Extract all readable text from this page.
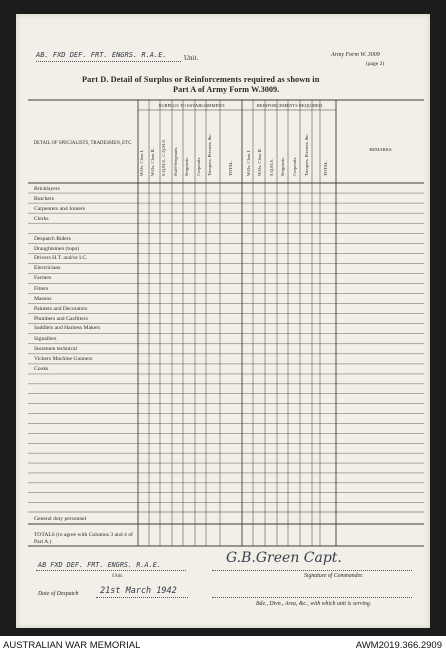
AB. FXD DEF. FRT. ENGRS. R.A.E. Unit.	Army Form W. 3009
(page 2)
Part D. Detail of Surplus or Reinforcements required as shown in
Part A of Army Form W.3009.
DETAIL OF SPECIALISTS, TRADESMEN, ETC.
SURPLUS TO ESTABLISHMENT.	REINFORCEMENTS REQUIRED.
REMARKS.
W.Os. Class I. W.Os. Class II. S.Q.M.S., C.Q.M.S. Staff-Sergeants. Sergeants. Corporals. Troopers, Privates, &c.	TOTAL.	W.Os. Class I. W.Os. Class II. S.Q.M.S. Sergeants. Corporals. Troopers, Privates, &c.	TOTAL.
Bricklayers
Butchers
Carpenters and Joiners
Clerks
Despatch Riders
Draughtsmen (topo)
Drivers H.T. and/or I.C.
Electricians
Farriers
Fitters
Masons
Painters and Decorators
Plumbers and Gasfitters
Saddlers and Harness Makers
Signallers
Storemen technical
Vickers Machine Gunners
Cooks
General duty personnel
TOTALS (to agree with Columns 3 and 4 of Part A.)
AB FXD DEF. FRT. ENGRS. R.A.E.
Unit.
G.B.Green Capt.
Signature of Commander.
Date of Despatch	21st March 1942
Bde., Divn., Area, &c., with which unit is serving.
AUSTRALIAN WAR MEMORIAL	AWM2019.366.2909
